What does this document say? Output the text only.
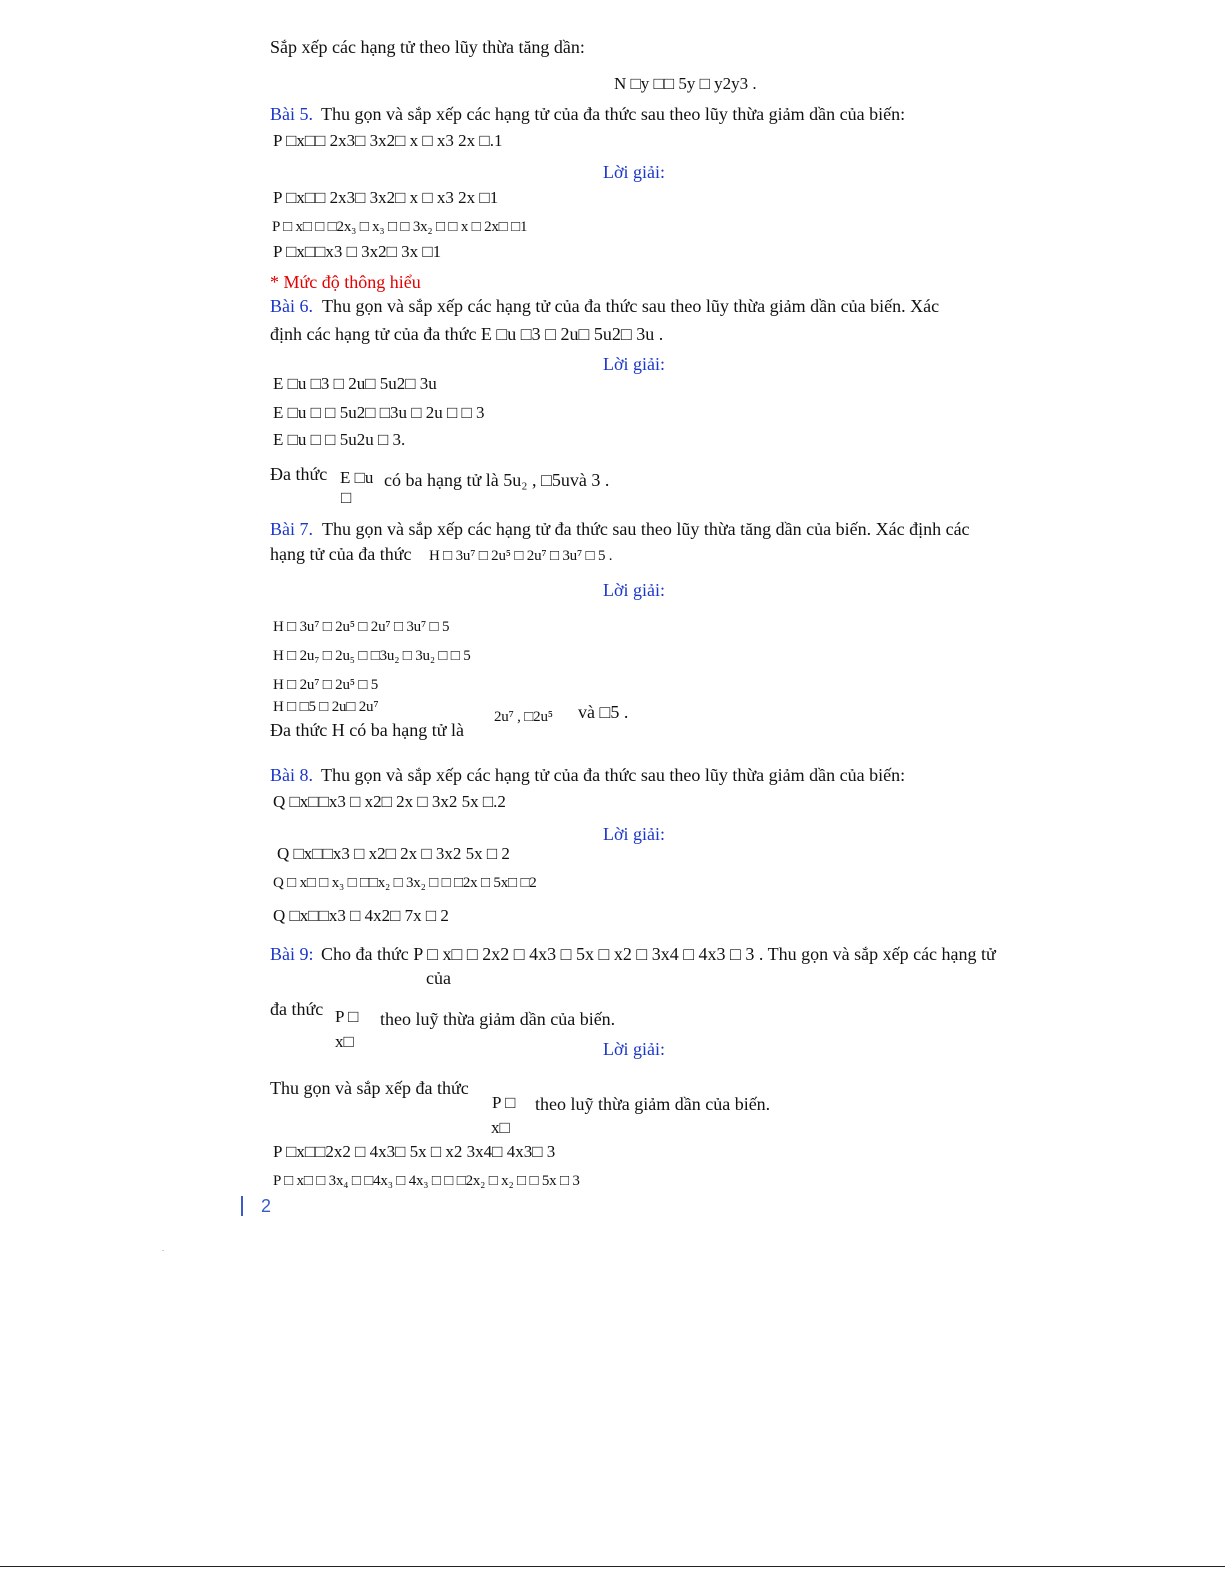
Sắp xếp các hạng tử theo lũy thừa tăng dần:
N □y □□ 5y □ y2y3 .
Bài 5. Thu gọn và sắp xếp các hạng tử của đa thức sau theo lũy thừa giảm dần của biến:
P □x□□ 2x3□ 3x2□ x □ x3 2x □.1
Lời giải:
P □x□□ 2x3□ 3x2□ x □ x3 2x □1
P □ x□ □ □2x₃ □ x₃ □ □ 3x₂ □ □ x □ 2x□ □1
P □x□□x3 □ 3x2□ 3x □1
* Mức độ thông hiểu
Bài 6. Thu gọn và sắp xếp các hạng tử của đa thức sau theo lũy thừa giảm dần của biến. Xác
định các hạng tử của đa thức E □u □3 □ 2u□ 5u2□ 3u .
Lời giải:
E □u □3 □ 2u□ 5u2□ 3u
E □u □ □ 5u2□ □3u □ 2u □ □ 3
E □u □ □ 5u2u □ 3.
Đa thức E □u
□
có ba hạng tử là 5u₂ , □5uvà 3 .
Bài 7. Thu gọn và sắp xếp các hạng tử đa thức sau theo lũy thừa tăng dần của biến. Xác định các
hạng tử của đa thức H □ 3u⁷ □ 2u⁵ □ 2u⁷ □ 3u⁷ □ 5 .
Lời giải:
H □ 3u⁷ □ 2u⁵ □ 2u⁷ □ 3u⁷ □ 5
H □ 2u₇ □ 2u₅ □ □3u₂ □ 3u₂ □ □ 5
H □ 2u⁷ □ 2u⁵ □ 5
H □ □5 □ 2u□ 2u⁷
Đa thức H có ba hạng tử là
2u⁷ , □2u⁵ và □5 .
Bài 8. Thu gọn và sắp xếp các hạng tử của đa thức sau theo lũy thừa giảm dần của biến:
Q □x□□x3 □ x2□ 2x □ 3x2 5x □.2
Lời giải:
Q □x□□x3 □ x2□ 2x □ 3x2 5x □ 2
Q □ x□ □ x₃ □ □□x₂ □ 3x₂ □ □ □2x □ 5x□ □2
Q □x□□x3 □ 4x2□ 7x □ 2
Bài 9: Cho đa thức P □ x□ □ 2x2 □ 4x3 □ 5x □ x2 □ 3x4 □ 4x3 □ 3 . Thu gọn và sắp xếp các hạng tử
của
đa thức P □
x□
theo luỹ thừa giảm dần của biến.
Lời giải:
Thu gọn và sắp xếp đa thức
P □
x□
theo luỹ thừa giảm dần của biến.
P □x□□2x2 □ 4x3□ 5x □ x2 3x4□ 4x3□ 3
P □ x□ □ 3x₄ □ □4x₃ □ 4x₃ □ □ □2x₂ □ x₂ □ □ 5x □ 3
2
